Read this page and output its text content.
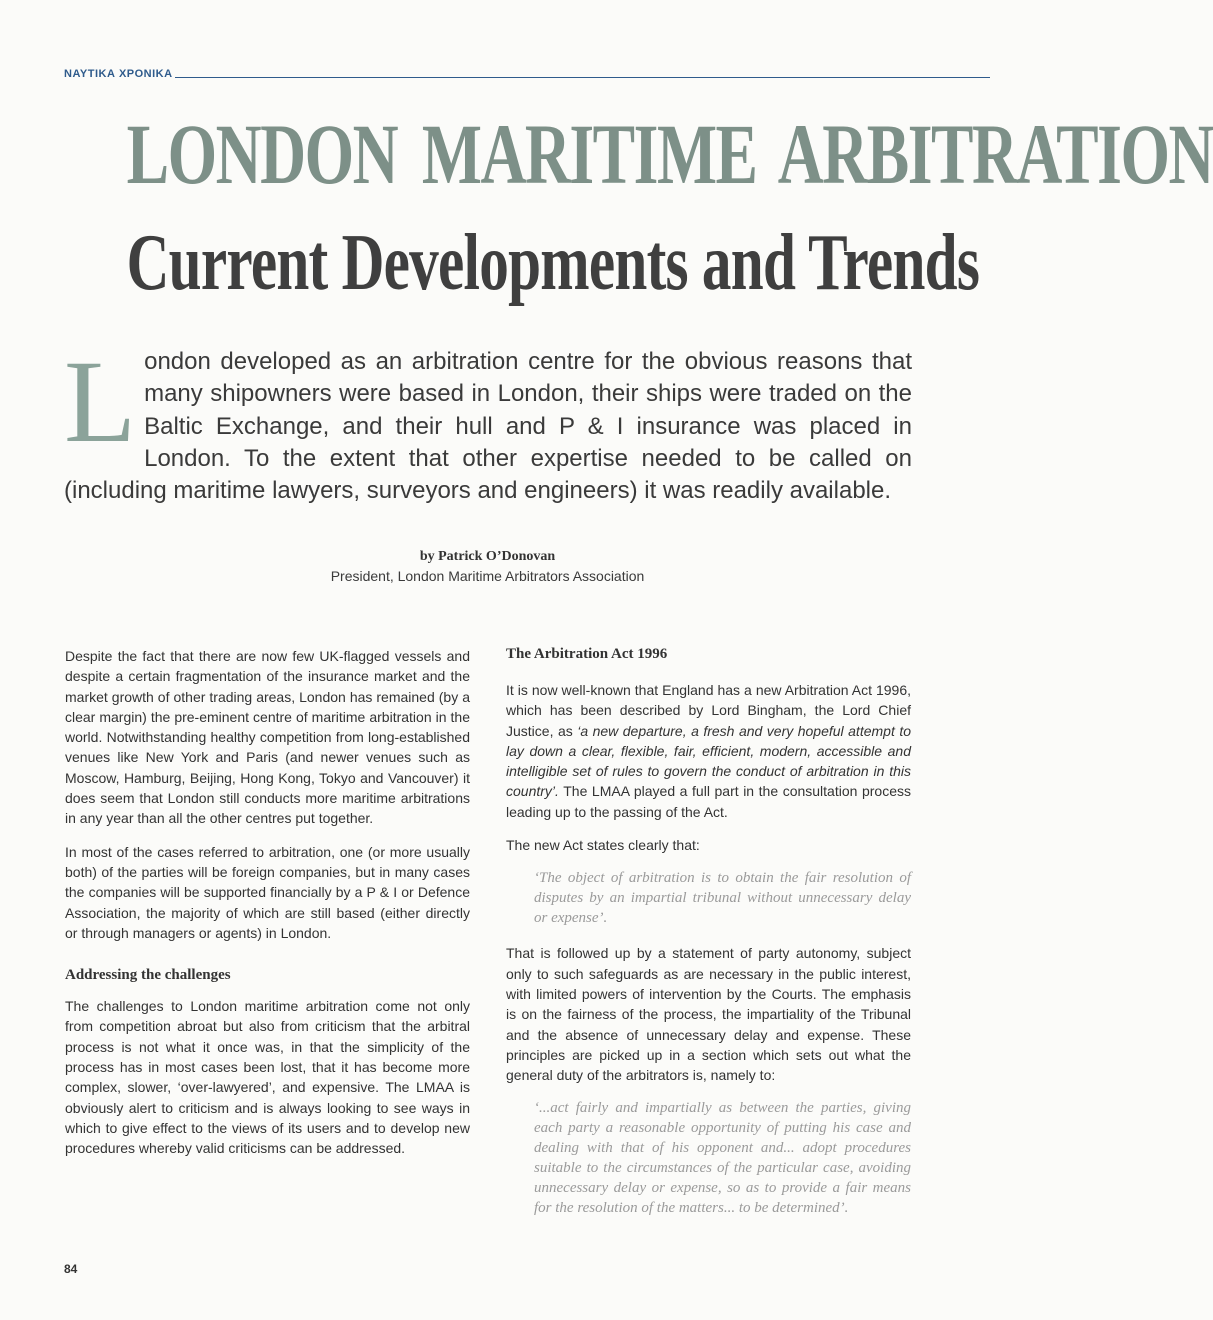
ΝΑΥΤΙΚΑ ΧΡΟΝΙΚΑ
LONDON MARITIME ARBITRATION
Current Developments and Trends
L ondon developed as an arbitration centre for the obvious reasons that many shipowners were based in London, their ships were traded on the Baltic Exchange, and their hull and P & I insurance was placed in London. To the extent that other expertise needed to be called on (including maritime lawyers, surveyors and engineers) it was readily available.
by Patrick O’Donovan
President, London Maritime Arbitrators Association

Despite the fact that there are now few UK-flagged vessels and despite a certain fragmentation of the insurance market and the market growth of other trading areas, London has remained (by a clear margin) the pre-eminent centre of maritime arbitration in the world. Notwithstanding healthy competition from long-established venues like New York and Paris (and newer venues such as Moscow, Hamburg, Beijing, Hong Kong, Tokyo and Vancouver) it does seem that London still conducts more maritime arbitrations in any year than all the other centres put together.

In most of the cases referred to arbitration, one (or more usually both) of the parties will be foreign companies, but in many cases the companies will be supported financially by a P & I or Defence Association, the majority of which are still based (either directly or through managers or agents) in London.

Addressing the challenges

The challenges to London maritime arbitration come not only from competition abroat but also from criticism that the arbitral process is not what it once was, in that the simplicity of the process has in most cases been lost, that it has become more complex, slower, ‘over-lawyered’, and expensive. The LMAA is obviously alert to criticism and is always looking to see ways in which to give effect to the views of its users and to develop new procedures whereby valid criticisms can be addressed.

The Arbitration Act 1996

It is now well-known that England has a new Arbitration Act 1996, which has been described by Lord Bingham, the Lord Chief Justice, as ‘a new departure, a fresh and very hopeful attempt to lay down a clear, flexible, fair, efficient, modern, accessible and intelligible set of rules to govern the conduct of arbitration in this country’. The LMAA played a full part in the consultation process leading up to the passing of the Act.

The new Act states clearly that:

‘The object of arbitration is to obtain the fair resolution of disputes by an impartial tribunal without unnecessary delay or expense’.

That is followed up by a statement of party autonomy, subject only to such safeguards as are necessary in the public interest, with limited powers of intervention by the Courts. The emphasis is on the fairness of the process, the impartiality of the Tribunal and the absence of unnecessary delay and expense. These principles are picked up in a section which sets out what the general duty of the arbitrators is, namely to:

‘...act fairly and impartially as between the parties, giving each party a reasonable opportunity of putting his case and dealing with that of his opponent and... adopt procedures suitable to the circumstances of the particular case, avoiding unnecessary delay or expense, so as to provide a fair means for the resolution of the matters... to be determined’.
84
